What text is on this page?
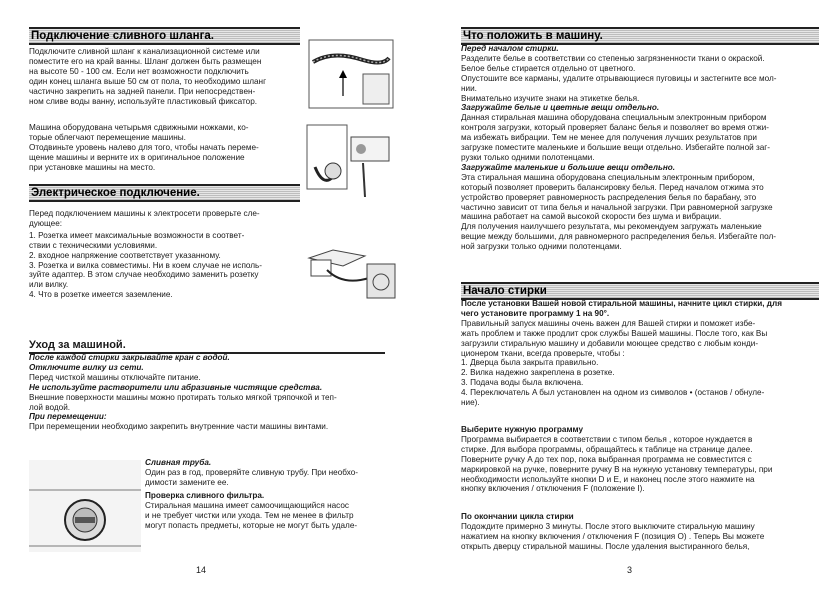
Подключение сливного шланга.
Подключите сливной шланг к канализационной системе или
поместите его на край ванны. Шланг должен быть размещен
на высоте 50 - 100 см. Если нет возможности подключить
один конец шланга выше 50 см от пола, то необходимо шланг
частично закрепить на задней панели. При непосредствен-
ном сливе воды ванну, используйте пластиковый фиксатор.
Машина оборудована четырьмя сдвижными ножками, ко-
торые облегчают перемещение машины.
Отодвиньте уровень налево для того, чтобы начать переме-
щение машины и верните их в оригинальное положение
при установке машины на место.
Электрическое подключение.
Перед подключением машины к электросети проверьте сле-
дующее:
1. Розетка имеет максимальные возможности в соответ-
ствии с техническими условиями.
2. входное напряжение соответствует указанному.
3. Розетка и вилка совместимы. Ни в коем случае не исполь-
зуйте адаптер. В этом случае необходимо заменить розетку
или вилку.
4. Что в розетке имеется заземление.
Уход за машиной.
После каждой стирки закрывайте кран с водой.
Отключите вилку из сети.
Перед чисткой машины отключайте питание.
Не используйте растворители или абразивные чистящие средства.
Внешние поверхности машины можно протирать только мягкой тряпочкой и теп-
лой водой.
При перемещении:
При перемещении необходимо закрепить внутренние части машины винтами.
Сливная труба.
Один раз в год, проверяйте сливную трубу. При необхо-
димости замените ее.
Проверка сливного фильтра.
Стиральная машина имеет самоочищающийся насос
и не требует чистки или ухода. Тем не менее в фильтр
могут попасть предметы, которые не могут быть удале-
14
Что положить в машину.
Перед началом стирки.
Разделите белье в соответствии со степенью загрязненности ткани о окраской.
Белое белье стирается отдельно от цветного.
Опустошите все карманы, удалите отрывающиеся пуговицы и застегните все мол-
нии.
Внимательно изучите знаки на этикетке белья.
Загружайте белые и цветные вещи отдельно.
Данная стиральная машина оборудована специальным электронным прибором
контроля загрузки, который проверяет баланс белья и позволяет во время отжи-
ма избежать вибрации. Тем не менее для получения лучших результатов при
загрузке поместите маленькие и большие вещи отдельно. Избегайте полной заг-
рузки только одними полотенцами.
Загружайте маленькие и большие вещи отдельно.
Эта стиральная машина оборудована специальным электронным прибором,
который позволяет проверить балансировку белья. Перед началом отжима это
устройство проверяет равномерность распределения белья по барабану, это
частично зависит от типа белья и начальной загрузки. При равномерной загрузке
машина работает на самой высокой скорости без шума и вибрации.
Для получения наилучшего результата, мы рекомендуем загружать маленькие
вещие между большими, для равномерного распределения белья. Избегайте пол-
ной загрузки только одними полотенцами.
Начало стирки
После установки Вашей новой стиральной машины, начните цикл стирки, для
чего установите программу 1 на 90°.
Правильный запуск машины очень важен для Вашей стирки и поможет избе-
жать проблем и также продлит срок службы Вашей машины. После того, как Вы
загрузили стиральную машину и добавили моющее средство с любым конди-
ционером ткани, всегда проверьте, чтобы :
1. Дверца была закрыта правильно.
2. Вилка надежно закреплена в розетке.
3. Подача воды была включена.
4. Переключатель A был установлен на одном из символов • (останов / обнуле-
ние).
Выберите нужную программу
Программа выбирается в соответствии с типом белья , которое нуждается в
стирке. Для выбора программы, обращайтесь к таблице на странице далее.
Поверните ручку A до тех пор, пока выбранная программа не совместится с
маркировкой на ручке, поверните ручку B на нужную установку температуры, при
необходимости используйте кнопки D и E, и наконец после этого нажмите на
кнопку включения / отключения F (положение I).
По окончании цикла стирки
Подождите примерно 3 минуты. После этого выключите стиральную машину
нажатием на кнопку включения / отключения F (позиция O) . Теперь Вы можете
открыть дверцу стиральной машины. После удаления выстиранного белья,
3
